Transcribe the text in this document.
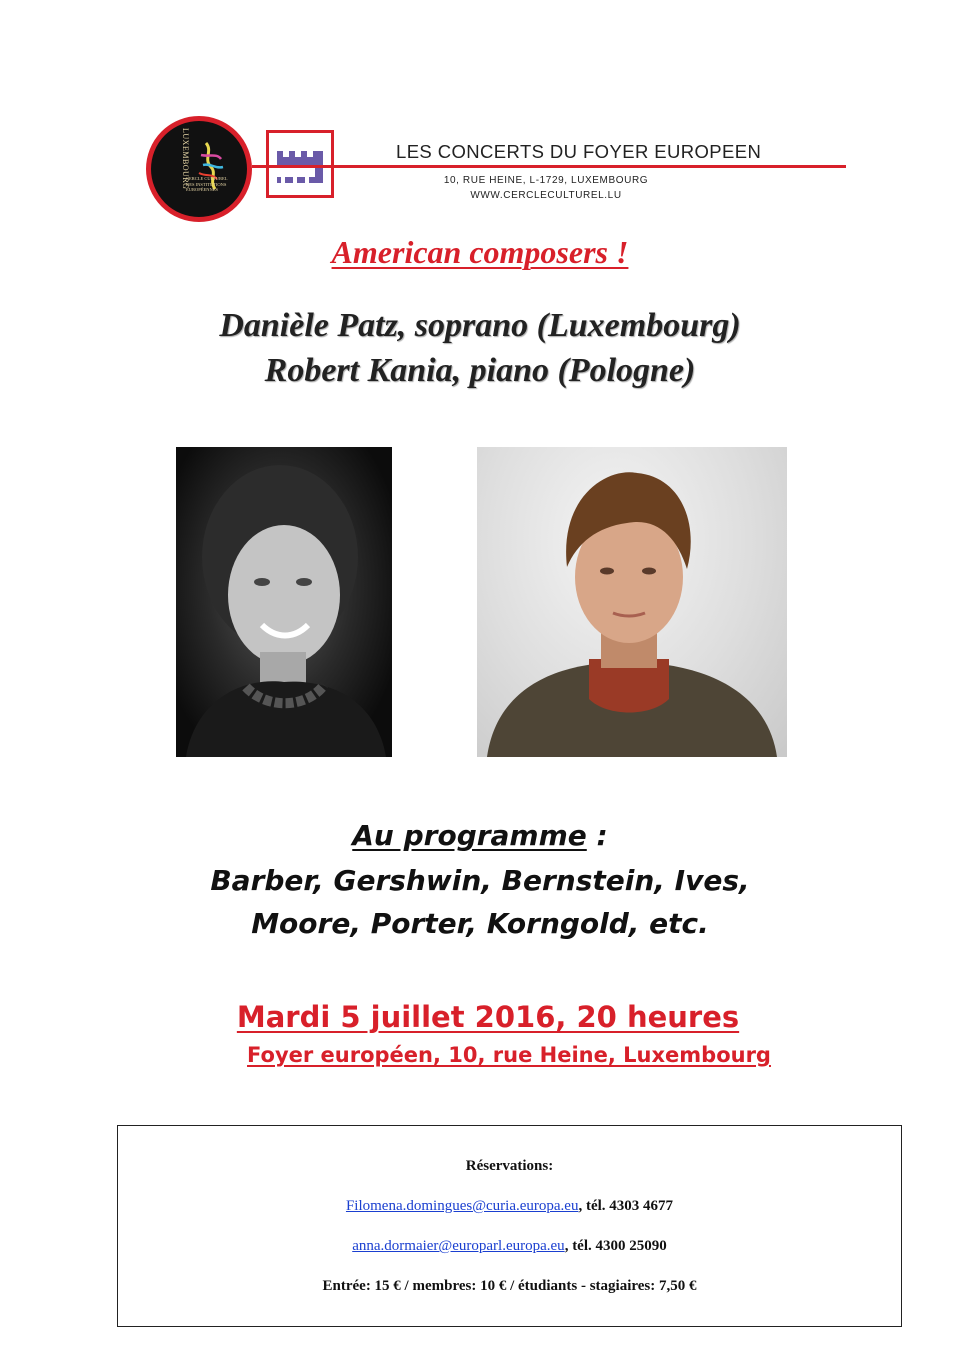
LUXEMBOURG
CERCLE CULTUREL DES INSTITUTIONS EUROPÉENNES
LES CONCERTS DU FOYER EUROPEEN
10, RUE HEINE, L-1729, LUXEMBOURG
WWW.CERCLECULTUREL.LU
American composers !
Danièle Patz, soprano (Luxembourg)
Robert Kania, piano (Pologne)
Au programme :
Barber, Gershwin, Bernstein, Ives,
Moore, Porter, Korngold, etc.
Mardi 5 juillet 2016, 20 heures
Foyer européen, 10, rue Heine, Luxembourg
Réservations:
Filomena.domingues@curia.europa.eu, tél. 4303 4677
anna.dormaier@europarl.europa.eu, tél. 4300 25090
Entrée: 15 € / membres: 10 € / étudiants - stagiaires: 7,50 €
